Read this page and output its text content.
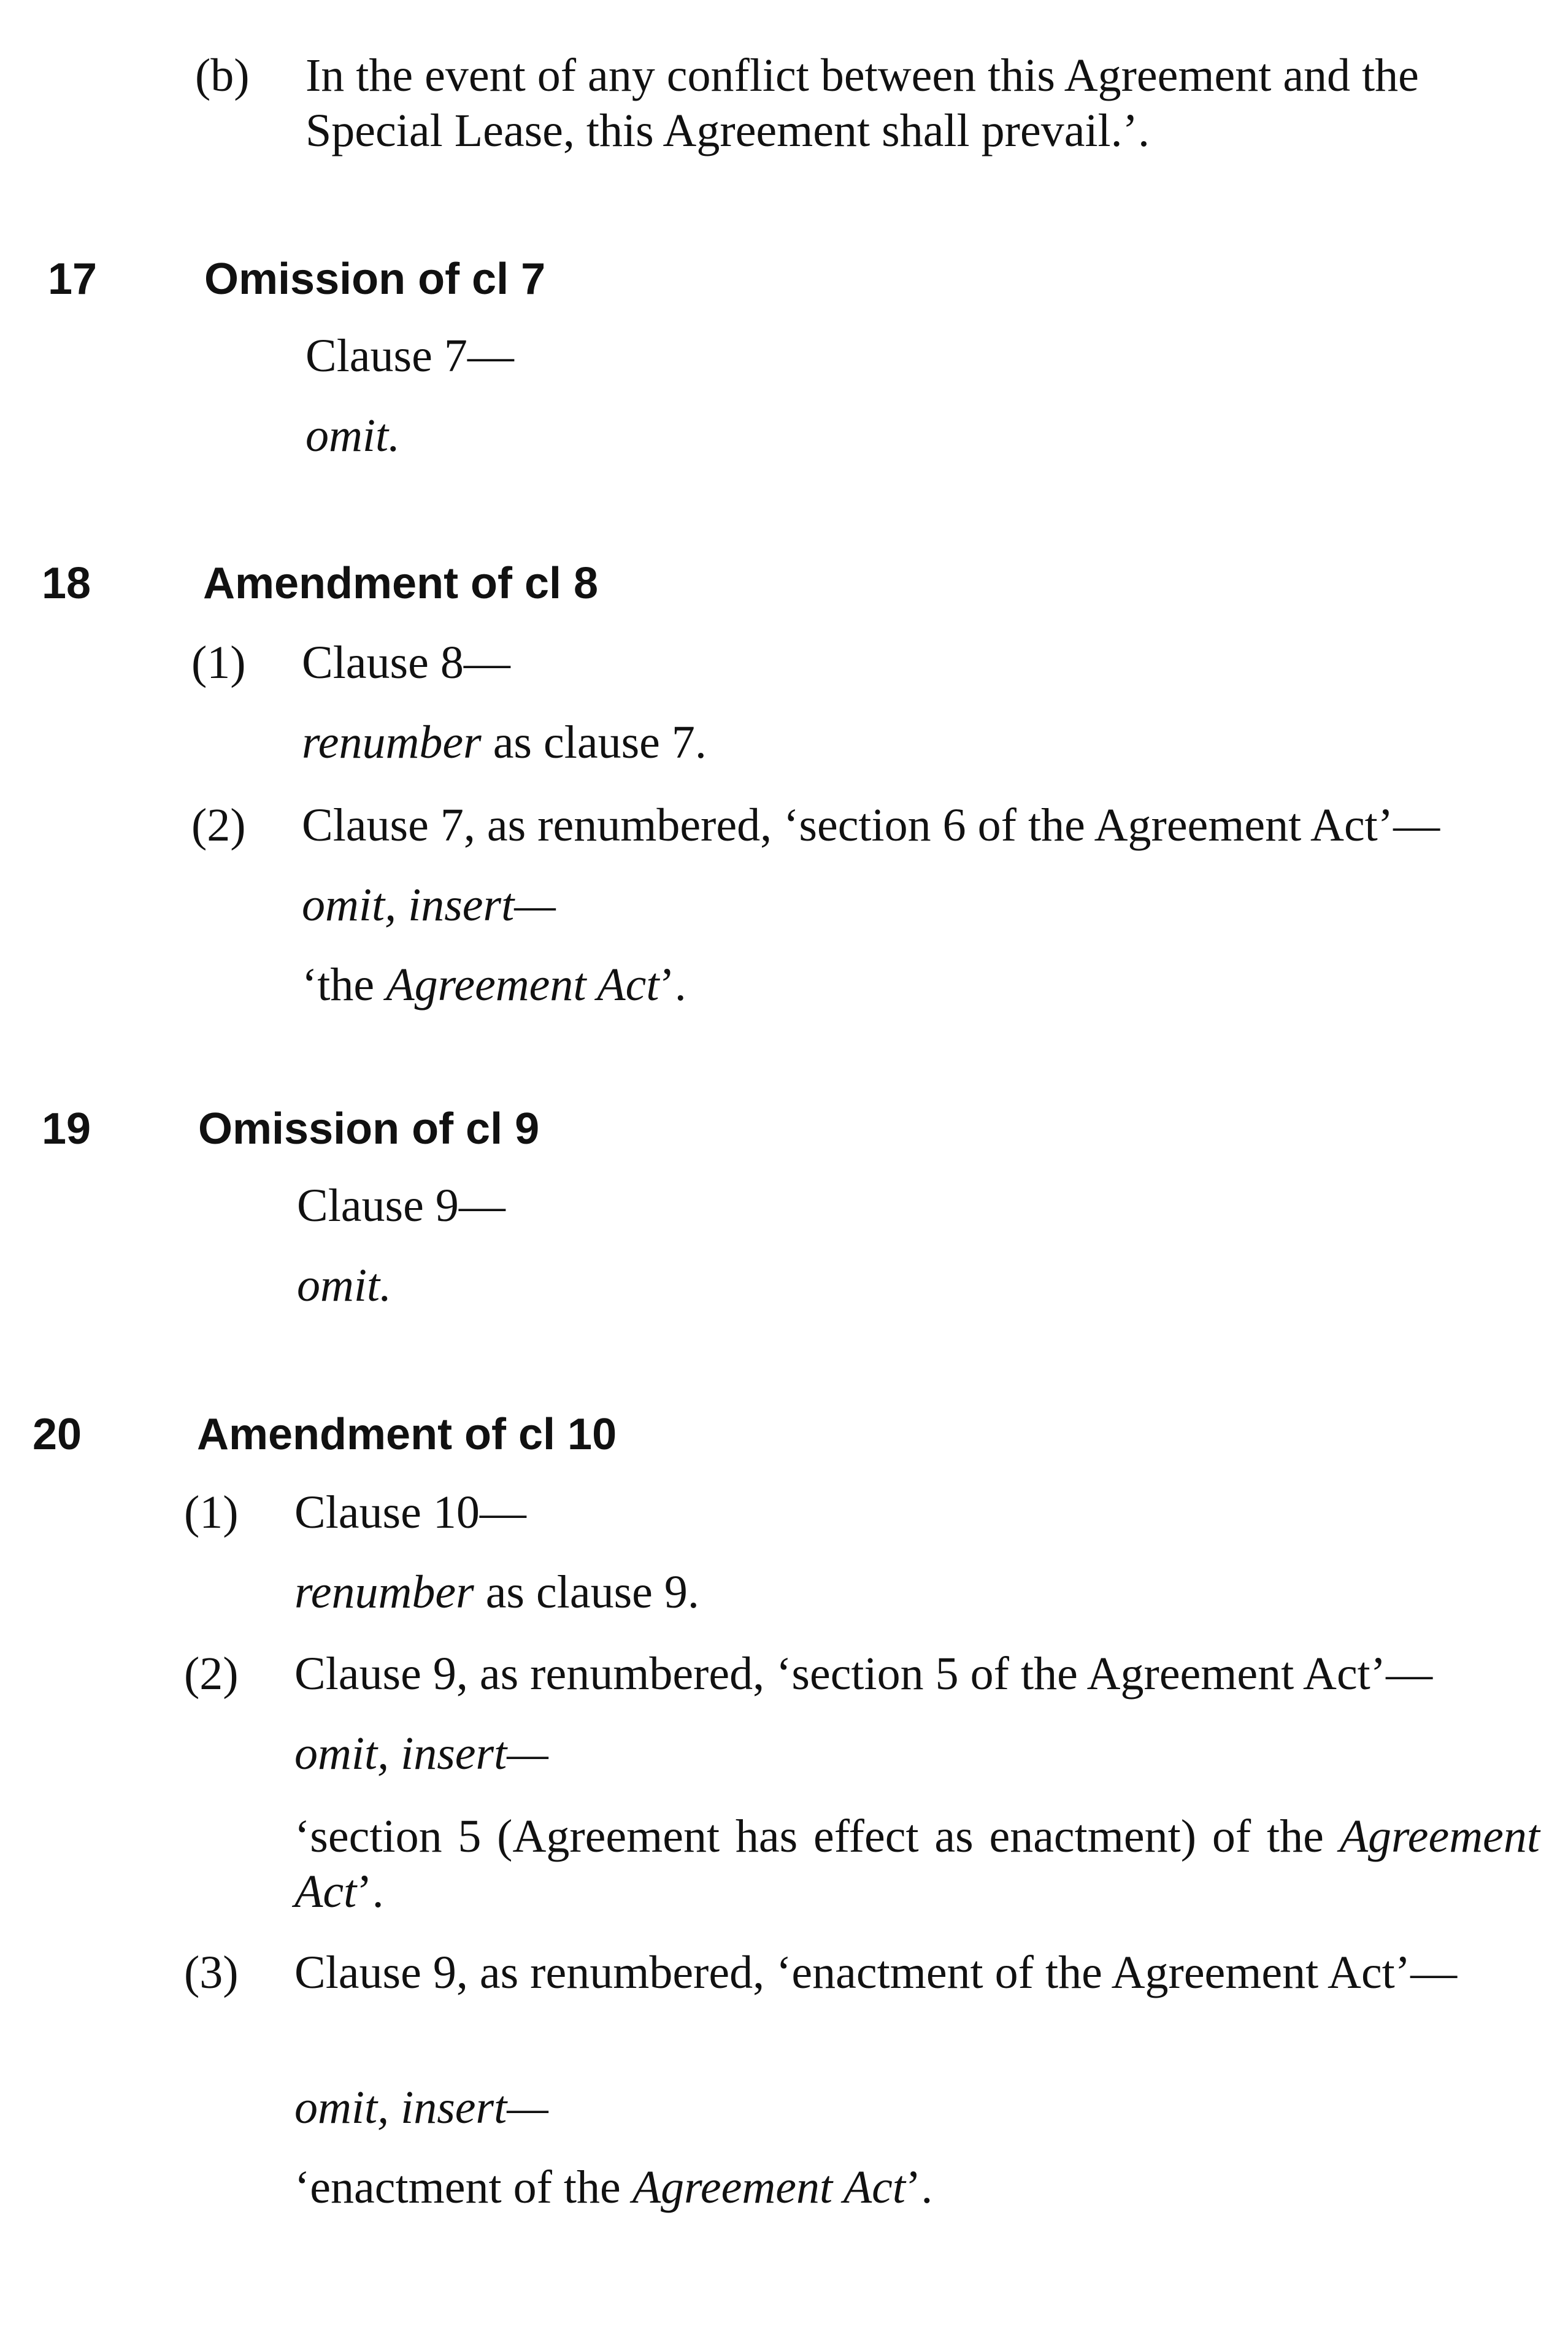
(b) In the event of any conflict between this Agreement and the
Special Lease, this Agreement shall prevail.’.
17 Omission of cl 7
Clause 7—
omit.
18	Amendment of cl 8
(1) Clause 8—
renumber as clause 7.
(2) Clause 7, as renumbered, ‘section 6 of the Agreement Act’—
omit, insert—
‘the Agreement Act’.
19 Omission of cl 9
Clause 9—
omit.
20	Amendment of cl 10
(1) Clause 10—
renumber as clause 9.
(2) Clause 9, as renumbered, ‘section 5 of the Agreement Act’—
omit, insert—
‘section 5 (Agreement has effect as enactment) of the Agreement Act’.
(3) Clause 9, as renumbered, ‘enactment of the Agreement Act’—
omit, insert—
‘enactment of the Agreement Act’.
